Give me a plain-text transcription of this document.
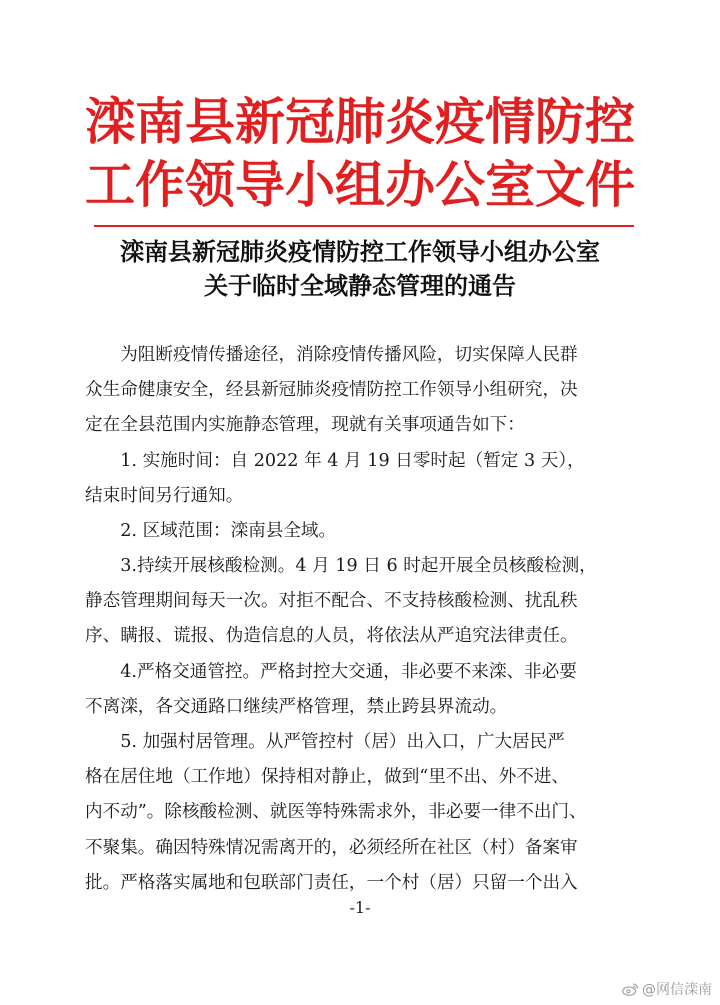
滦南县新冠肺炎疫情防控
工作领导小组办公室文件
滦南县新冠肺炎疫情防控工作领导小组办公室
关于临时全域静态管理的通告
　　为阻断疫情传播途径，消除疫情传播风险，切实保障人民群
众生命健康安全，经县新冠肺炎疫情防控工作领导小组研究，决
定在全县范围内实施静态管理，现就有关事项通告如下：
　　1. 实施时间：自 2022 年 4 月 19 日零时起（暂定 3 天），
结束时间另行通知。
　　2. 区域范围：滦南县全域。
　　3.持续开展核酸检测。4 月 19 日 6 时起开展全员核酸检测，
静态管理期间每天一次。对拒不配合、不支持核酸检测、扰乱秩
序、瞒报、谎报、伪造信息的人员，将依法从严追究法律责任。
　　4.严格交通管控。严格封控大交通，非必要不来滦、非必要
不离滦，各交通路口继续严格管理，禁止跨县界流动。
　　5. 加强村居管理。从严管控村（居）出入口，广大居民严
格在居住地（工作地）保持相对静止，做到“里不出、外不进、
内不动”。除核酸检测、就医等特殊需求外，非必要一律不出门、
不聚集。确因特殊情况需离开的，必须经所在社区（村）备案审
批。严格落实属地和包联部门责任，一个村（居）只留一个出入
-1-
@网信滦南
